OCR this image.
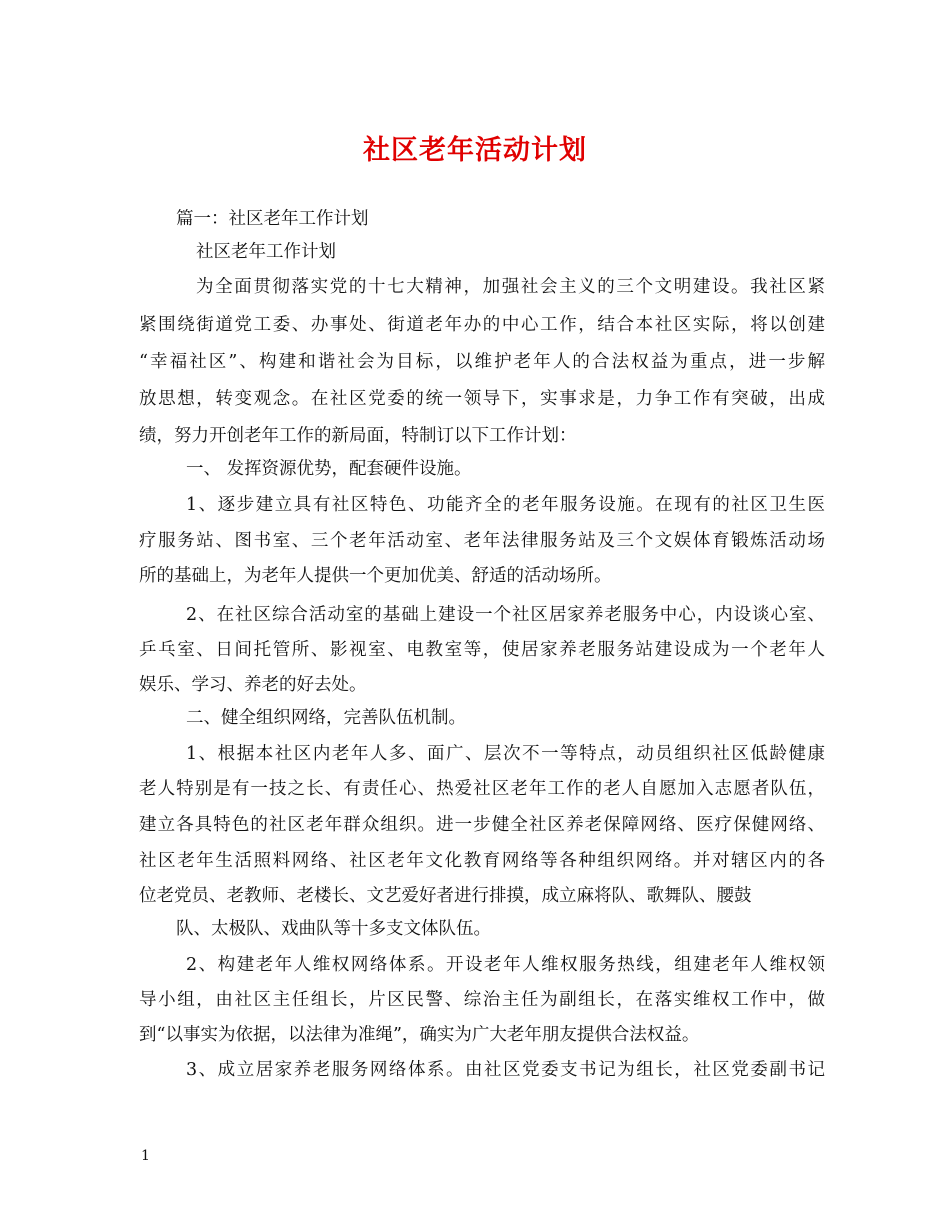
社区老年活动计划
篇一：社区老年工作计划
社区老年工作计划
为全面贯彻落实党的十七大精神，加强社会主义的三个文明建设。我社区紧
紧围绕街道党工委、办事处、街道老年办的中心工作，结合本社区实际，将以创建
“幸福社区”、构建和谐社会为目标，以维护老年人的合法权益为重点，进一步解
放思想，转变观念。在社区党委的统一领导下，实事求是，力争工作有突破，出成
绩，努力开创老年工作的新局面，特制订以下工作计划：
一、 发挥资源优势，配套硬件设施。
1、逐步建立具有社区特色、功能齐全的老年服务设施。在现有的社区卫生医
疗服务站、图书室、三个老年活动室、老年法律服务站及三个文娱体育锻炼活动场
所的基础上，为老年人提供一个更加优美、舒适的活动场所。
2、在社区综合活动室的基础上建设一个社区居家养老服务中心，内设谈心室、
乒乓室、日间托管所、影视室、电教室等，使居家养老服务站建设成为一个老年人
娱乐、学习、养老的好去处。
二、健全组织网络，完善队伍机制。
1、根据本社区内老年人多、面广、层次不一等特点，动员组织社区低龄健康
老人特别是有一技之长、有责任心、热爱社区老年工作的老人自愿加入志愿者队伍，
建立各具特色的社区老年群众组织。进一步健全社区养老保障网络、医疗保健网络、
社区老年生活照料网络、社区老年文化教育网络等各种组织网络。并对辖区内的各
位老党员、老教师、老楼长、文艺爱好者进行排摸，成立麻将队、歌舞队、腰鼓
队、太极队、戏曲队等十多支文体队伍。
2、构建老年人维权网络体系。开设老年人维权服务热线，组建老年人维权领
导小组，由社区主任组长，片区民警、综治主任为副组长，在落实维权工作中，做
到“以事实为依据，以法律为准绳”，确实为广大老年朋友提供合法权益。
3、成立居家养老服务网络体系。由社区党委支书记为组长，社区党委副书记
1
